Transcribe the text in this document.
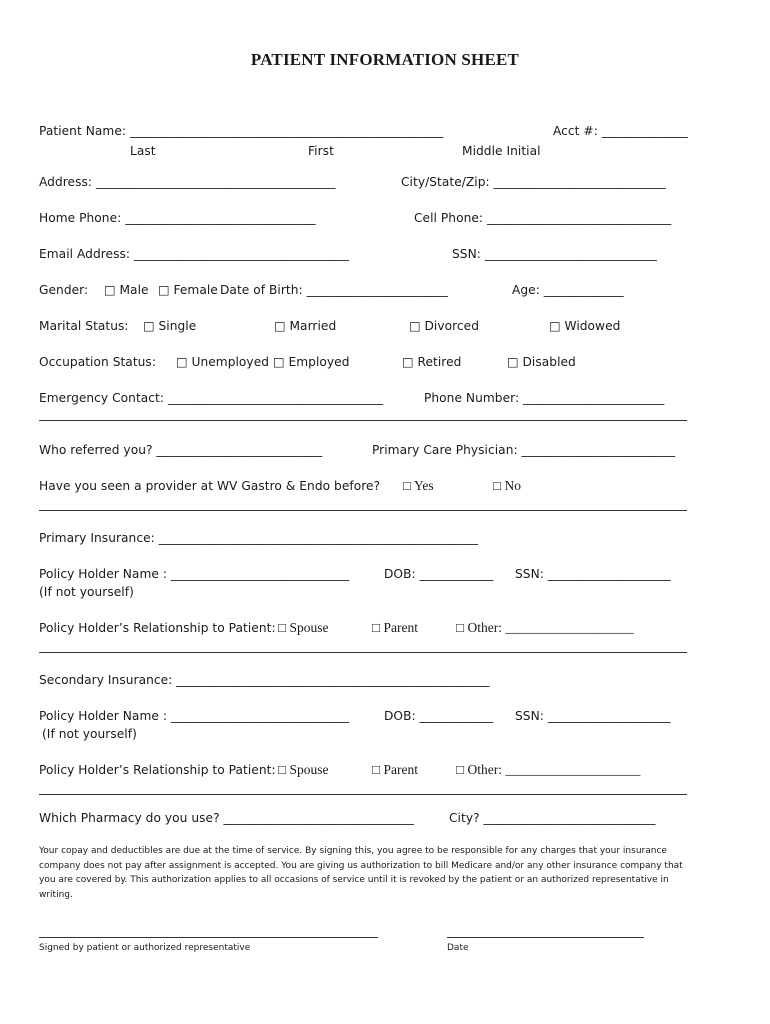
PATIENT INFORMATION SHEET
Patient Name: ___________________________________________________	Acct #: ______________
Last	First	Middle Initial
Address: _______________________________________	City/State/Zip: ____________________________
Home Phone: _______________________________	Cell Phone: ______________________________
Email Address: ___________________________________	SSN: ____________________________
Gender: □ Male □ Female Date of Birth: _______________________	Age: _____________
Marital Status: □ Single	□ Married	□ Divorced	□ Widowed
Occupation Status: □ Unemployed □ Employed	□ Retired	□ Disabled
Emergency Contact: ___________________________________	Phone Number: _______________________
Who referred you? ___________________________	Primary Care Physician: _________________________
Have you seen a provider at WV Gastro & Endo before? □ Yes	□ No
Primary Insurance: ____________________________________________________
Policy Holder Name : _____________________________	DOB: ____________ SSN: ____________________
(If not yourself)
Policy Holder’s Relationship to Patient: □ Spouse	□ Parent	□ Other: ___________________
Secondary Insurance: ___________________________________________________
Policy Holder Name : _____________________________	DOB: ____________ SSN: ____________________
(If not yourself)
Policy Holder’s Relationship to Patient: □ Spouse	□ Parent	□ Other: ____________________
Which Pharmacy do you use? _______________________________	City? ____________________________
Your copay and deductibles are due at the time of service. By signing this, you agree to be responsible for any charges that your insurance company does not pay after assignment is accepted. You are giving us authorization to bill Medicare and/or any other insurance company that you are covered by. This authorization applies to all occasions of service until it is revoked by the patient or an authorized representative in writing.
Signed by patient or authorized representative	Date
